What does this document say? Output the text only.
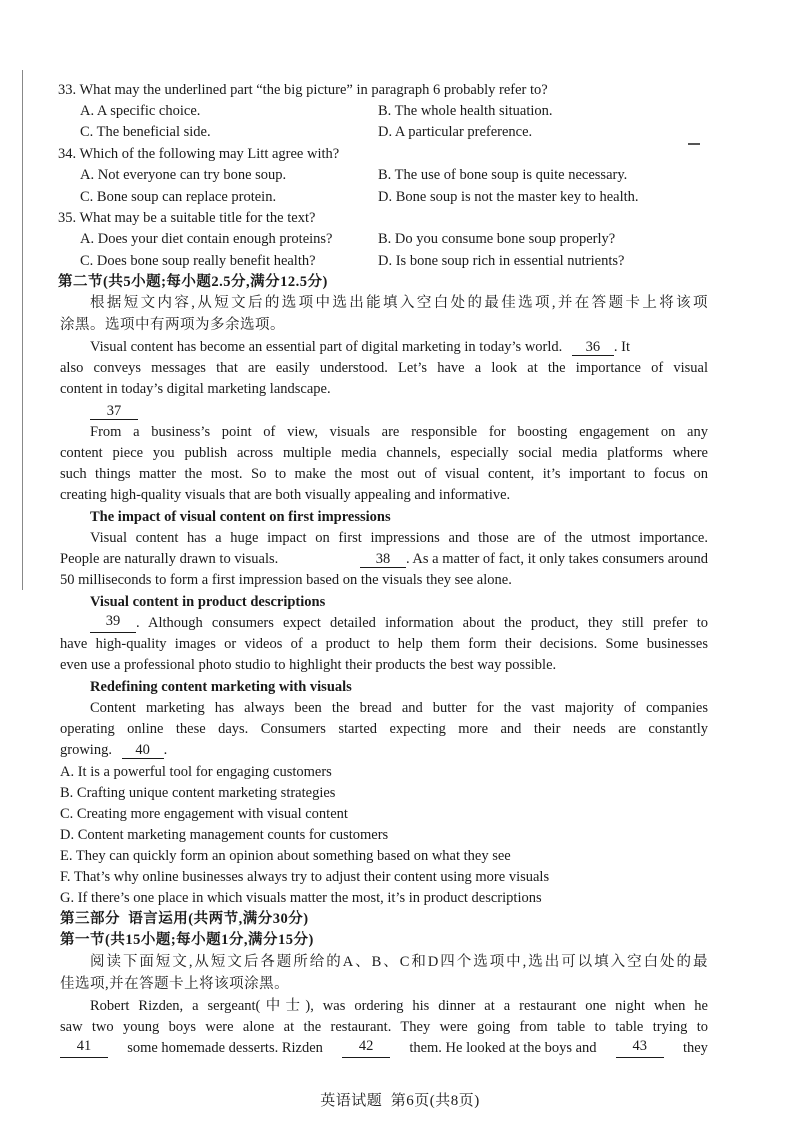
33. What may the underlined part “the big picture” in paragraph 6 probably refer to?
A. A specific choice.	B. The whole health situation.
C. The beneficial side.	D. A particular preference.
34. Which of the following may Litt agree with?
A. Not everyone can try bone soup.	B. The use of bone soup is quite necessary.
C. Bone soup can replace protein.	D. Bone soup is not the master key to health.
35. What may be a suitable title for the text?
A. Does your diet contain enough proteins?	B. Do you consume bone soup properly?
C. Does bone soup really benefit health?	D. Is bone soup rich in essential nutrients?
第二节(共5小题;每小题2.5分,满分12.5分)
根据短文内容,从短文后的选项中选出能填入空白处的最佳选项,并在答题卡上将该项
涂黑。选项中有两项为多余选项。
Visual content has become an essential part of digital marketing in today’s world. 36 . It
also conveys messages that are easily understood. Let’s have a look at the importance of visual
content in today’s digital marketing landscape.
37
From a business’s point of view, visuals are responsible for boosting engagement on any
content piece you publish across multiple media channels, especially social media platforms where
such things matter the most. So to make the most out of visual content, it’s important to focus on
creating high-quality visuals that are both visually appealing and informative.
The impact of visual content on first impressions
Visual content has a huge impact on first impressions and those are of the utmost importance.
People are naturally drawn to visuals.	38 . As a matter of fact, it only takes consumers around
50 milliseconds to form a first impression based on the visuals they see alone.
Visual content in product descriptions
39	. Although consumers expect detailed information about the product, they still prefer to
have high-quality images or videos of a product to help them form their decisions. Some businesses
even use a professional photo studio to highlight their products the best way possible.
Redefining content marketing with visuals
Content marketing has always been the bread and butter for the vast majority of companies
operating online these days. Consumers started expecting more and their needs are constantly
growing. 40 .
A. It is a powerful tool for engaging customers
B. Crafting unique content marketing strategies
C. Creating more engagement with visual content
D. Content marketing management counts for customers
E. They can quickly form an opinion about something based on what they see
F. That’s why online businesses always try to adjust their content using more visuals
G. If there’s one place in which visuals matter the most, it’s in product descriptions
第三部分  语言运用(共两节,满分30分)
第一节(共15小题;每小题1分,满分15分)
阅读下面短文,从短文后各题所给的A、B、C和D四个选项中,选出可以填入空白处的最
佳选项,并在答题卡上将该项涂黑。
Robert Rizden, a sergeant(中士), was ordering his dinner at a restaurant one night when he
saw two young boys were alone at the restaurant. They were going from table to table trying to
41	some homemade desserts. Rizden	42	them. He looked at the boys and	43	they
英语试题  第6页(共8页)
